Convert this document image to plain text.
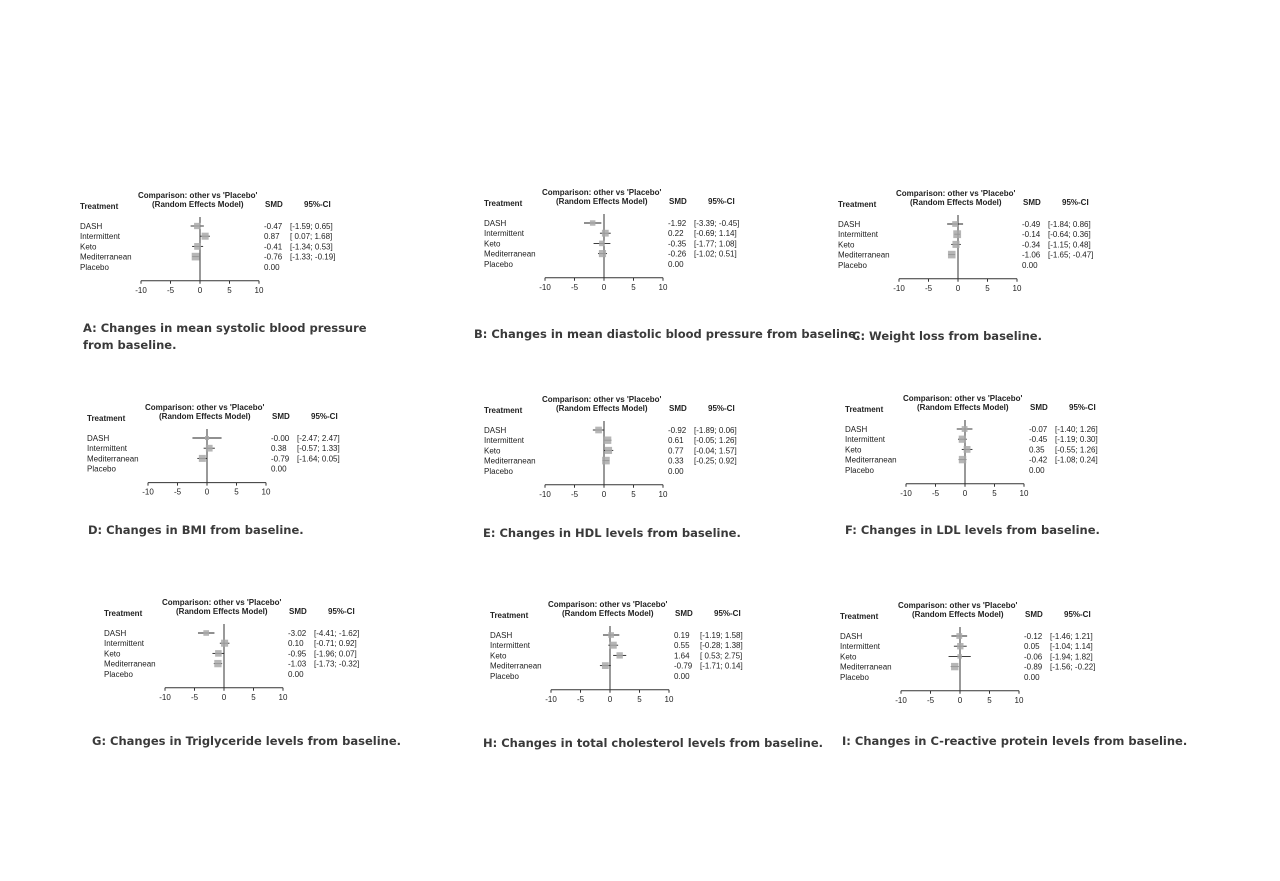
Comparison: other vs 'Placebo'
(Random Effects Model)
Treatment	SMD	95%-CI
DASH	-0.47 [-1.59; 0.65]
Intermittent	0.87 [ 0.07; 1.68]
Keto	-0.41 [-1.34; 0.53]
Mediterranean	-0.76 [-1.33; -0.19]
Placebo	0.00
-10	-5	0	5	10
Comparison: other vs 'Placebo'
(Random Effects Model)
Treatment	SMD	95%-CI
DASH	-1.92 [-3.39; -0.45]
Intermittent	0.22 [-0.69; 1.14]
Keto	-0.35 [-1.77; 1.08]
Mediterranean	-0.26 [-1.02; 0.51]
Placebo	0.00
-10	-5	0	5	10
Comparison: other vs 'Placebo'
(Random Effects Model)
Treatment	SMD	95%-CI
DASH	-0.49 [-1.84; 0.86]
Intermittent	-0.14 [-0.64; 0.36]
Keto	-0.34 [-1.15; 0.48]
Mediterranean	-1.06 [-1.65; -0.47]
Placebo	0.00
-10	-5	0	5	10
Comparison: other vs 'Placebo'
(Random Effects Model)
Treatment	SMD	95%-CI
DASH	-0.00 [-2.47; 2.47]
Intermittent	0.38 [-0.57; 1.33]
Mediterranean	-0.79 [-1.64; 0.05]
Placebo	0.00
-10	-5	0	5	10
Comparison: other vs 'Placebo'
(Random Effects Model)
Treatment	SMD	95%-CI
DASH	-0.92 [-1.89; 0.06]
Intermittent	0.61 [-0.05; 1.26]
Keto	0.77 [-0.04; 1.57]
Mediterranean	0.33 [-0.25; 0.92]
Placebo	0.00
-10	-5	0	5	10
Comparison: other vs 'Placebo'
(Random Effects Model)
Treatment	SMD	95%-CI
DASH	-0.07 [-1.40; 1.26]
Intermittent	-0.45 [-1.19; 0.30]
Keto	0.35 [-0.55; 1.26]
Mediterranean	-0.42 [-1.08; 0.24]
Placebo	0.00
-10	-5	0	5	10
Comparison: other vs 'Placebo'
(Random Effects Model)
Treatment	SMD	95%-CI
DASH	-3.02 [-4.41; -1.62]
Intermittent	0.10 [-0.71; 0.92]
Keto	-0.95 [-1.96; 0.07]
Mediterranean	-1.03 [-1.73; -0.32]
Placebo	0.00
-10	-5	0	5	10
Comparison: other vs 'Placebo'
(Random Effects Model)
Treatment	SMD	95%-CI
DASH	0.19 [-1.19; 1.58]
Intermittent	0.55 [-0.28; 1.38]
Keto	1.64 [ 0.53; 2.75]
Mediterranean	-0.79 [-1.71; 0.14]
Placebo	0.00
-10	-5	0	5	10
Comparison: other vs 'Placebo'
(Random Effects Model)
Treatment	SMD	95%-CI
DASH	-0.12 [-1.46; 1.21]
Intermittent	0.05 [-1.04; 1.14]
Keto	-0.06 [-1.94; 1.82]
Mediterranean	-0.89 [-1.56; -0.22]
Placebo	0.00
-10	-5	0	5	10
A: Changes in mean systolic blood pressure
from baseline.
B: Changes in mean diastolic blood pressure from baseline.
C: Weight loss from baseline.
D: Changes in BMI from baseline.	E: Changes in HDL levels from baseline.	F: Changes in LDL levels from baseline.
G: Changes in Triglyceride levels from baseline.	H: Changes in total cholesterol levels from baseline. I: Changes in C-reactive protein levels from baseline.
